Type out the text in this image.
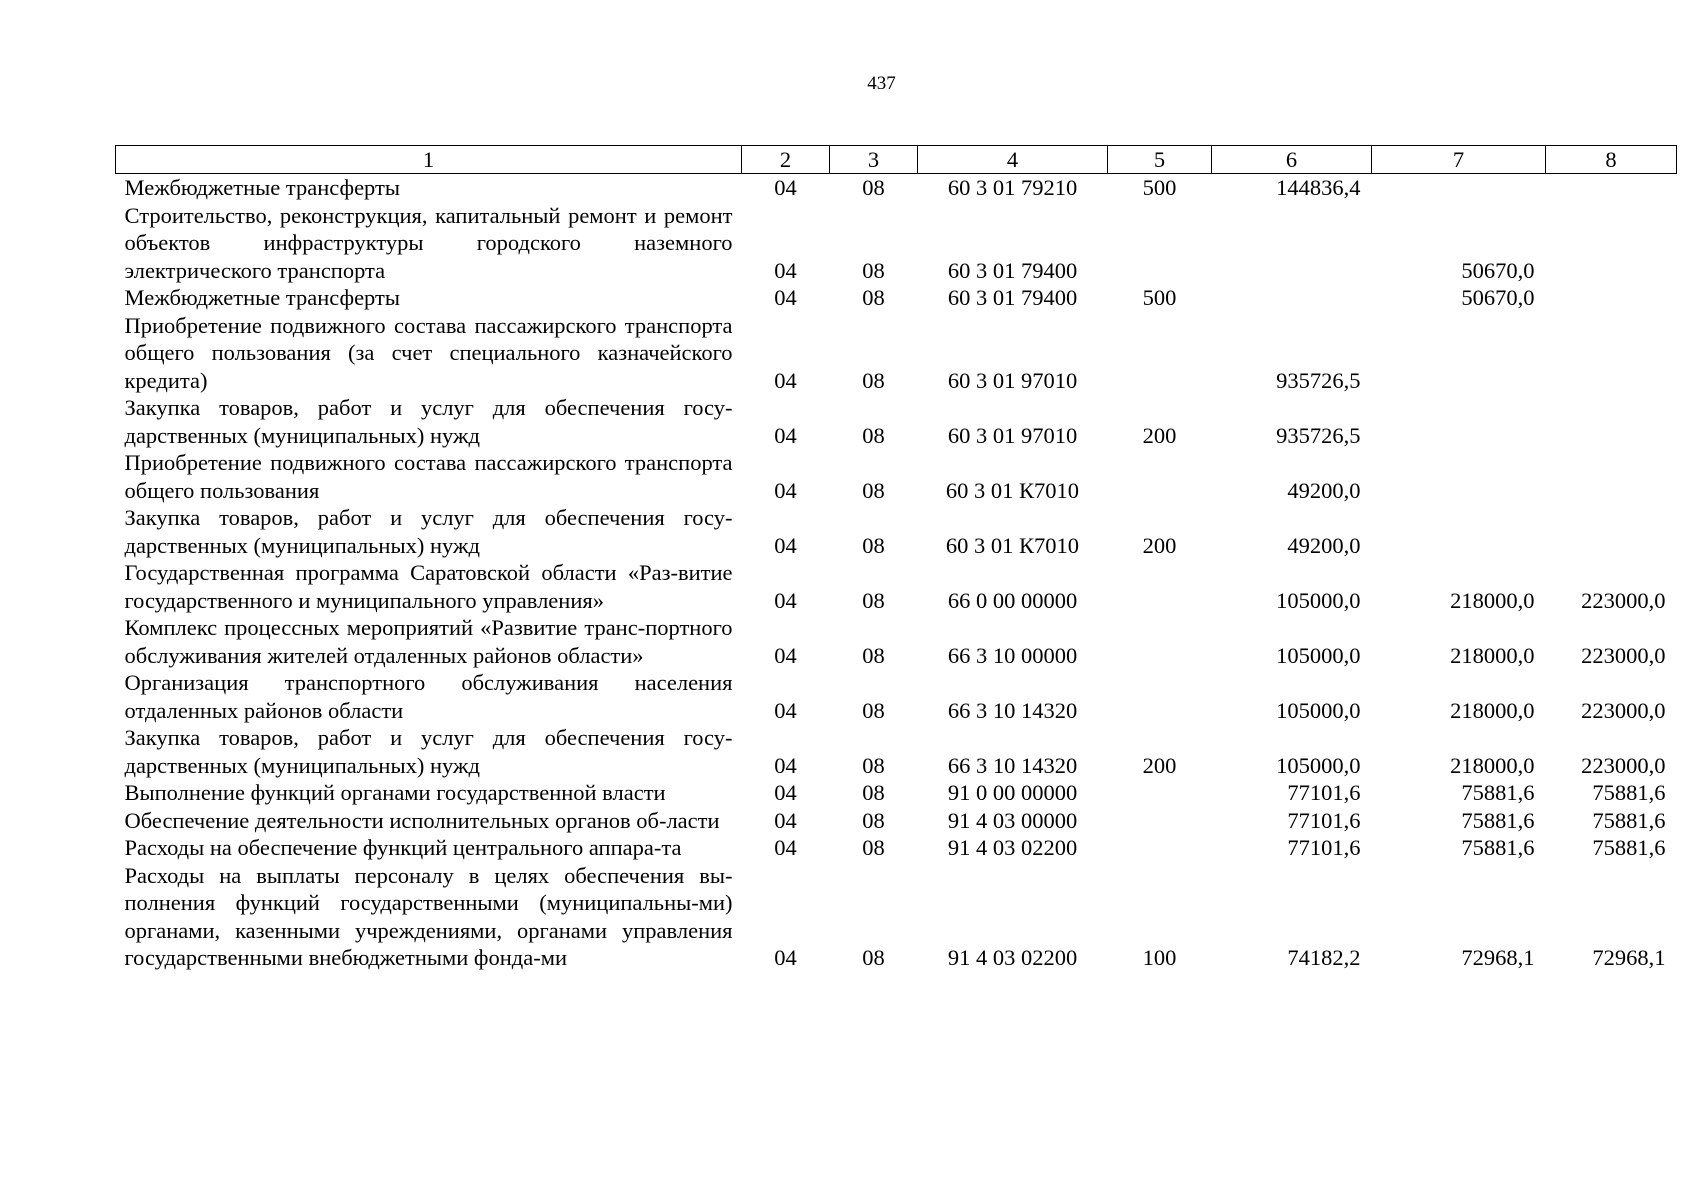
437
1	2	3	4	5	6	7	8
Межбюджетные трансферты	04	08	60 3 01 79210	500	144836,4		
Строительство, реконструкция, капитальный ремонт и ремонт объектов инфраструктуры городского наземного электрического транспорта	04	08	60 3 01 79400			50670,0	
Межбюджетные трансферты	04	08	60 3 01 79400	500		50670,0	
Приобретение подвижного состава пассажирского транспорта общего пользования (за счет специального казначейского кредита)	04	08	60 3 01 97010		935726,5		
Закупка товаров, работ и услуг для обеспечения госу-дарственных (муниципальных) нужд	04	08	60 3 01 97010	200	935726,5		
Приобретение подвижного состава пассажирского транспорта общего пользования	04	08	60 3 01 К7010		49200,0		
Закупка товаров, работ и услуг для обеспечения госу-дарственных (муниципальных) нужд	04	08	60 3 01 К7010	200	49200,0		
Государственная программа Саратовской области «Раз-витие государственного и муниципального управления»	04	08	66 0 00 00000		105000,0	218000,0	223000,0
Комплекс процессных мероприятий «Развитие транс-портного обслуживания жителей отдаленных районов области»	04	08	66 3 10 00000		105000,0	218000,0	223000,0
Организация транспортного обслуживания населения отдаленных районов области	04	08	66 3 10 14320		105000,0	218000,0	223000,0
Закупка товаров, работ и услуг для обеспечения госу-дарственных (муниципальных) нужд	04	08	66 3 10 14320	200	105000,0	218000,0	223000,0
Выполнение функций органами государственной власти	04	08	91 0 00 00000		77101,6	75881,6	75881,6
Обеспечение деятельности исполнительных органов об-ласти	04	08	91 4 03 00000		77101,6	75881,6	75881,6
Расходы на обеспечение функций центрального аппара-та	04	08	91 4 03 02200		77101,6	75881,6	75881,6
Расходы на выплаты персоналу в целях обеспечения вы-полнения функций государственными (муниципальны-ми) органами, казенными учреждениями, органами управления государственными внебюджетными фонда-ми	04	08	91 4 03 02200	100	74182,2	72968,1	72968,1
